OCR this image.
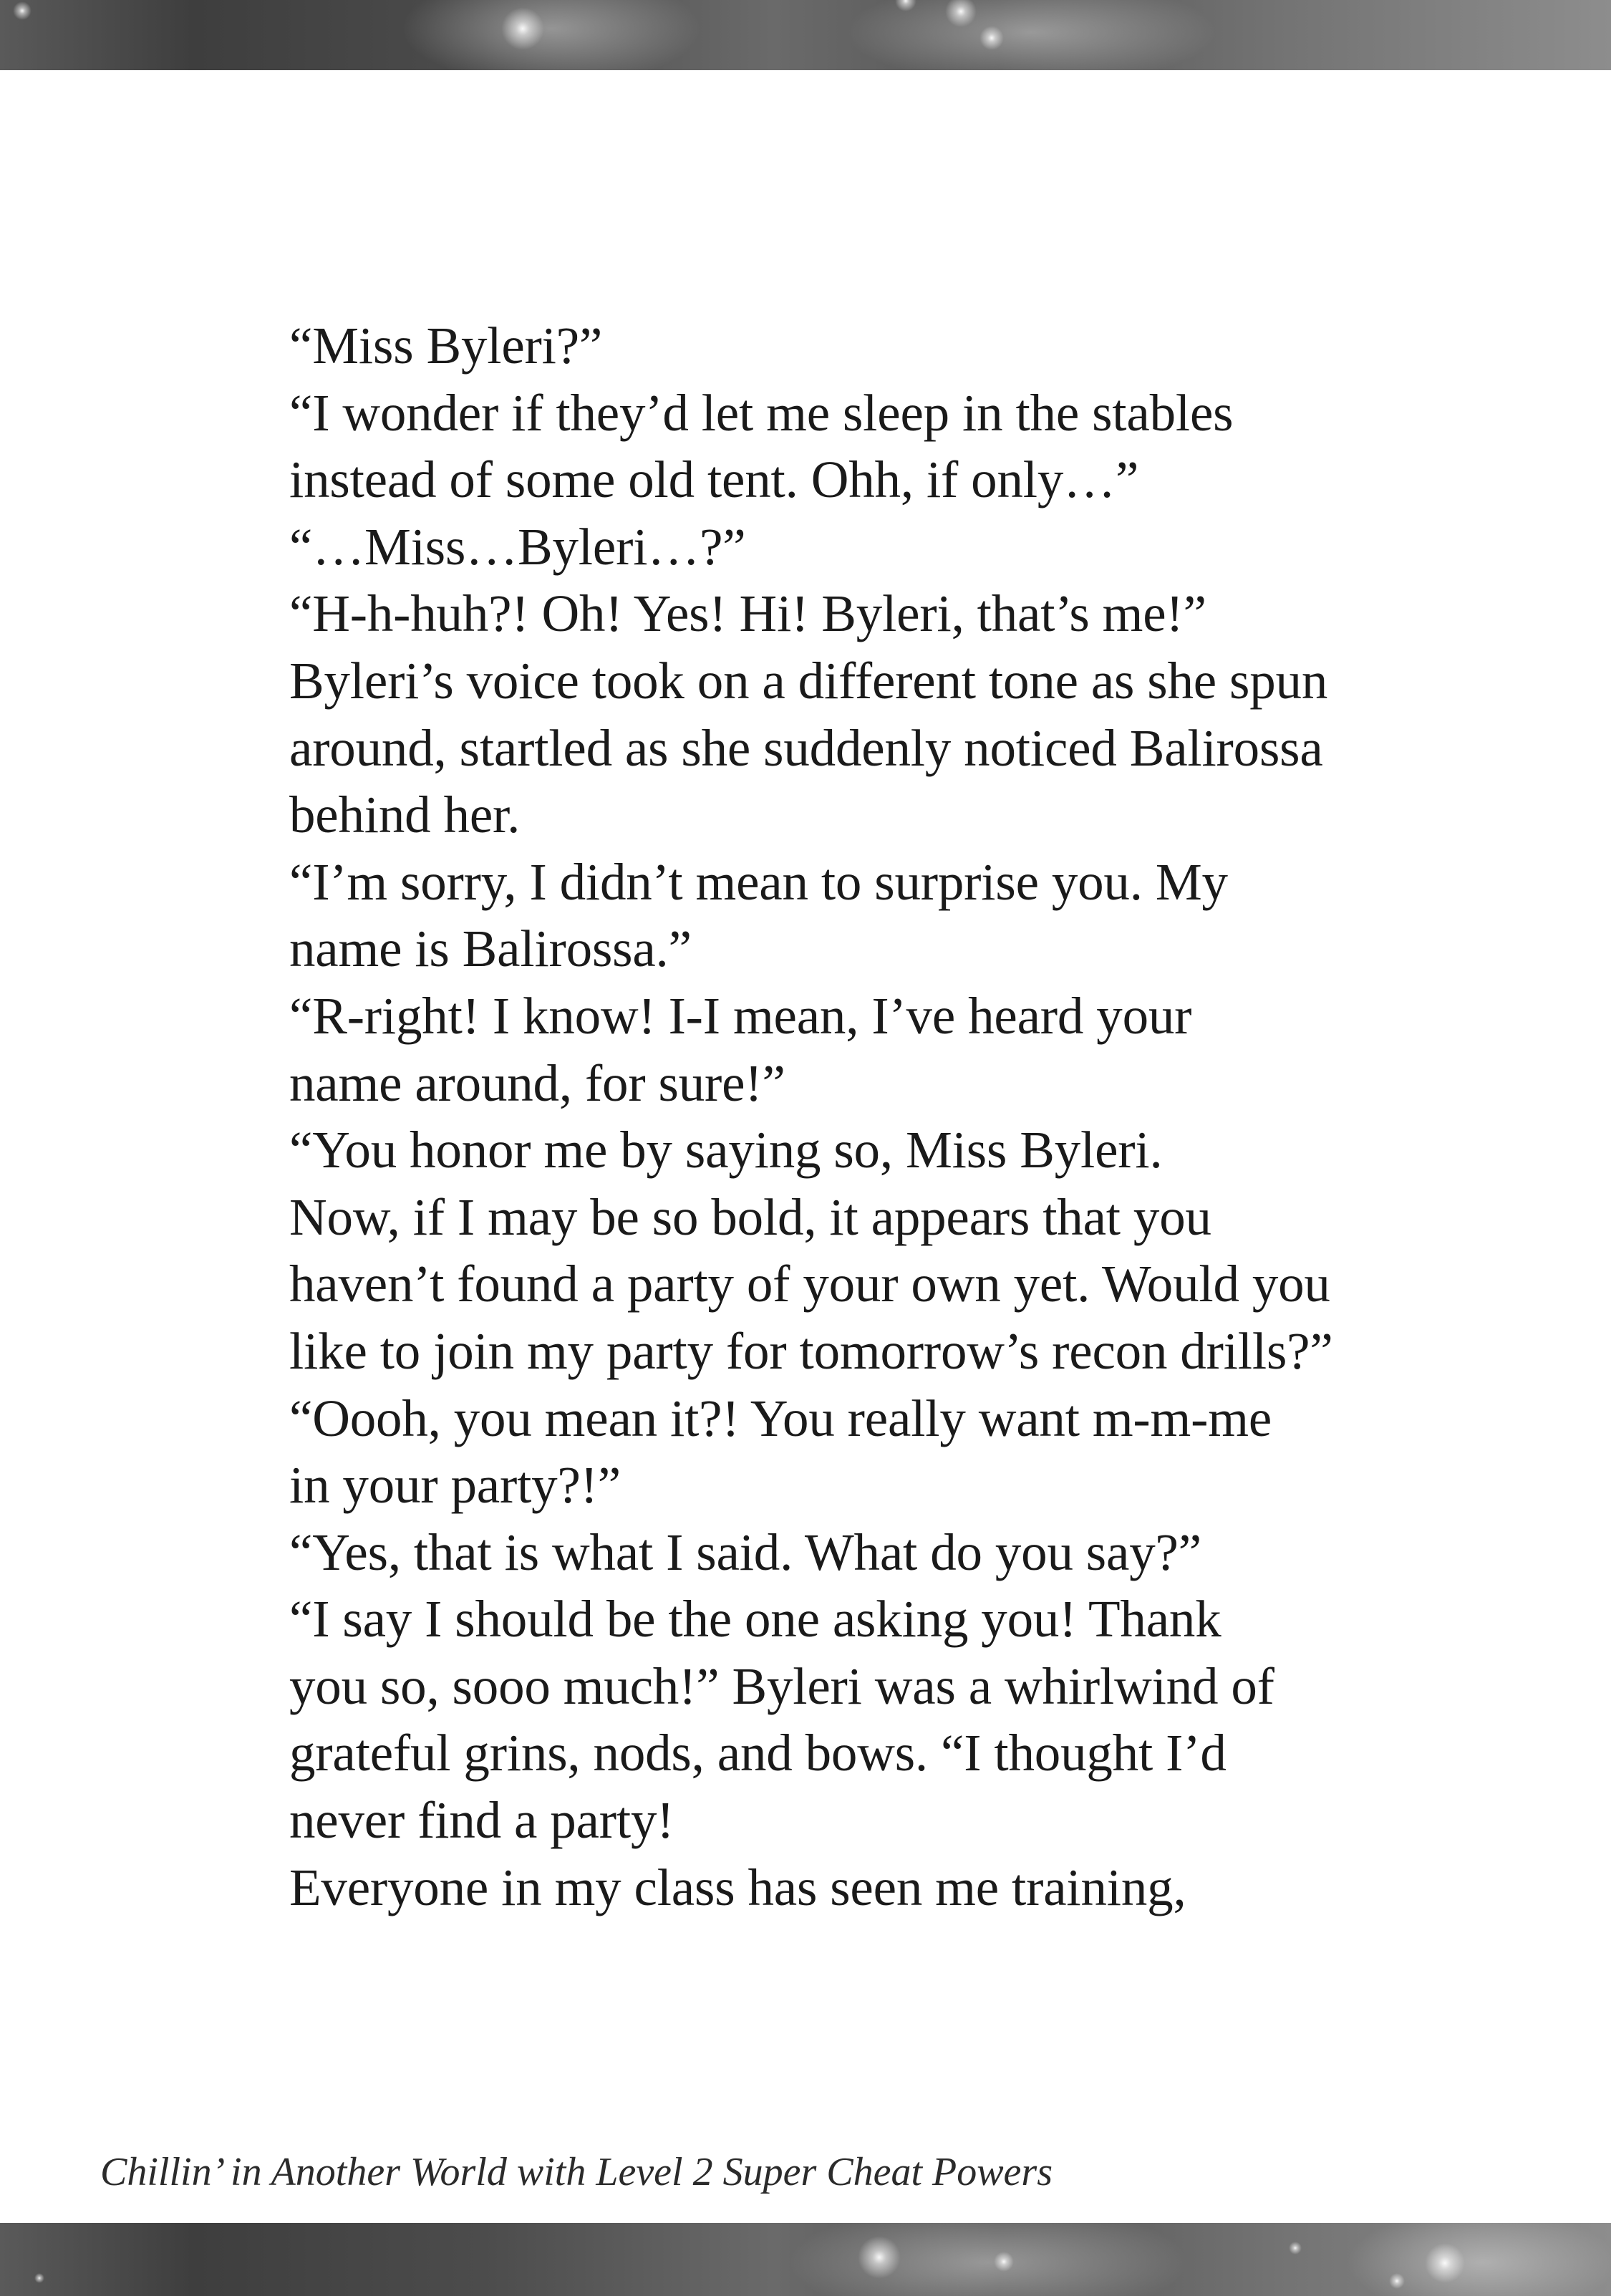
“Miss Byleri?”

“I wonder if they’d let me sleep in the stables
instead of some old tent. Ohh, if only…”

“…Miss…Byleri…?”

“H-h-huh?! Oh! Yes! Hi! Byleri, that’s me!”
Byleri’s voice took on a different tone as she spun
around, startled as she suddenly noticed Balirossa
behind her.

“I’m sorry, I didn’t mean to surprise you. My
name is Balirossa.”

“R-right! I know! I-I mean, I’ve heard your
name around, for sure!”

“You honor me by saying so, Miss Byleri.
Now, if I may be so bold, it appears that you
haven’t found a party of your own yet. Would you
like to join my party for tomorrow’s recon drills?”

“Oooh, you mean it?! You really want m-m-me
in your party?!”

“Yes, that is what I said. What do you say?”

“I say I should be the one asking you! Thank
you so, sooo much!” Byleri was a whirlwind of
grateful grins, nods, and bows. “I thought I’d
never find a party!

Everyone in my class has seen me training,

Chillin’ in Another World with Level 2 Super Cheat Powers
